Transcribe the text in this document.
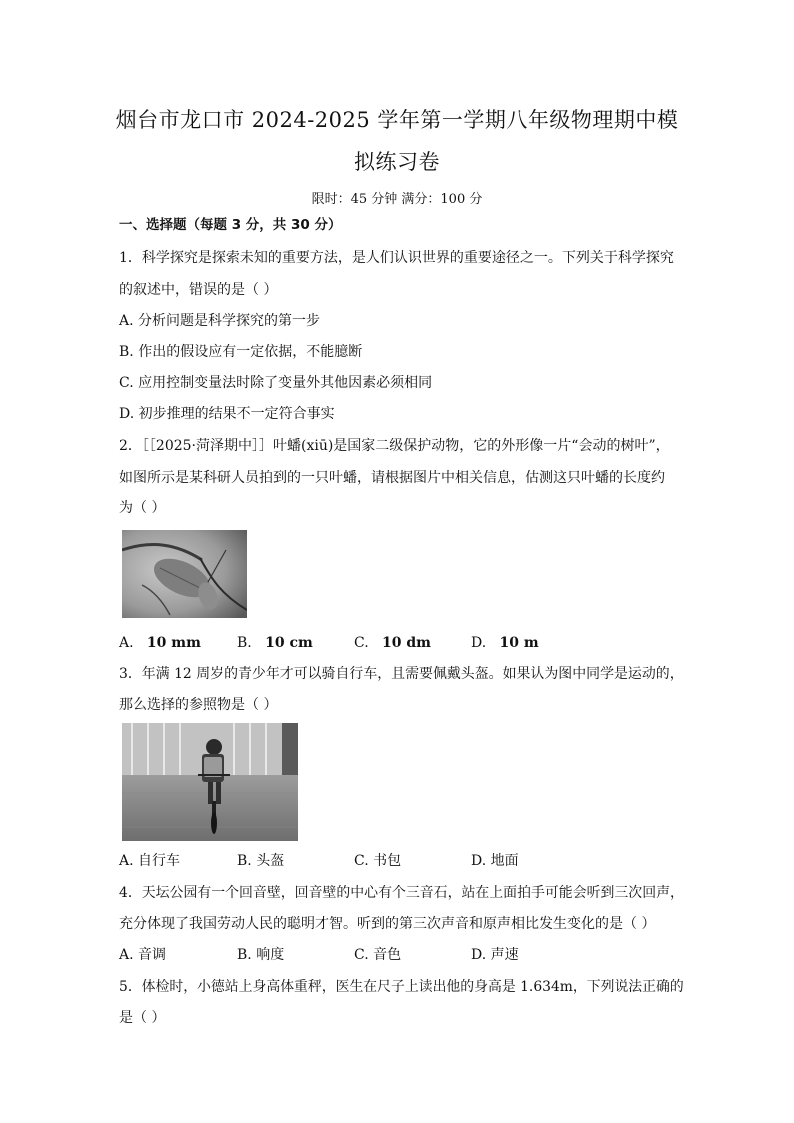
烟台市龙口市 2024-2025 学年第一学期八年级物理期中模
拟练习卷
限时：45 分钟 满分：100 分
一、选择题（每题 3 分，共 30 分）
1．科学探究是探索未知的重要方法，是人们认识世界的重要途径之一。下列关于科学探究
的叙述中，错误的是（ ）
A. 分析问题是科学探究的第一步
B. 作出的假设应有一定依据，不能臆断
C. 应用控制变量法时除了变量外其他因素必须相同
D. 初步推理的结果不一定符合事实
2．［［2025·菏泽期中］］叶蟠(xiū)是国家二级保护动物，它的外形像一片“会动的树叶”，
如图所示是某科研人员拍到的一只叶蟠，请根据图片中相关信息，估测这只叶蟠的长度约
为（ ）
A. 10 mm	B. 10 cm	C. 10 dm	D. 10 m
3．年满 12 周岁的青少年才可以骑自行车，且需要佩戴头盔。如果认为图中同学是运动的，
那么选择的参照物是（ ）
A. 自行车	B. 头盔	C. 书包	D. 地面
4．天坛公园有一个回音壁，回音壁的中心有个三音石，站在上面拍手可能会听到三次回声，
充分体现了我国劳动人民的聪明才智。听到的第三次声音和原声相比发生变化的是（ ）
A. 音调	B. 响度	C. 音色	D. 声速
5．体检时，小德站上身高体重秤，医生在尺子上读出他的身高是 1.634m，下列说法正确的
是（ ）
